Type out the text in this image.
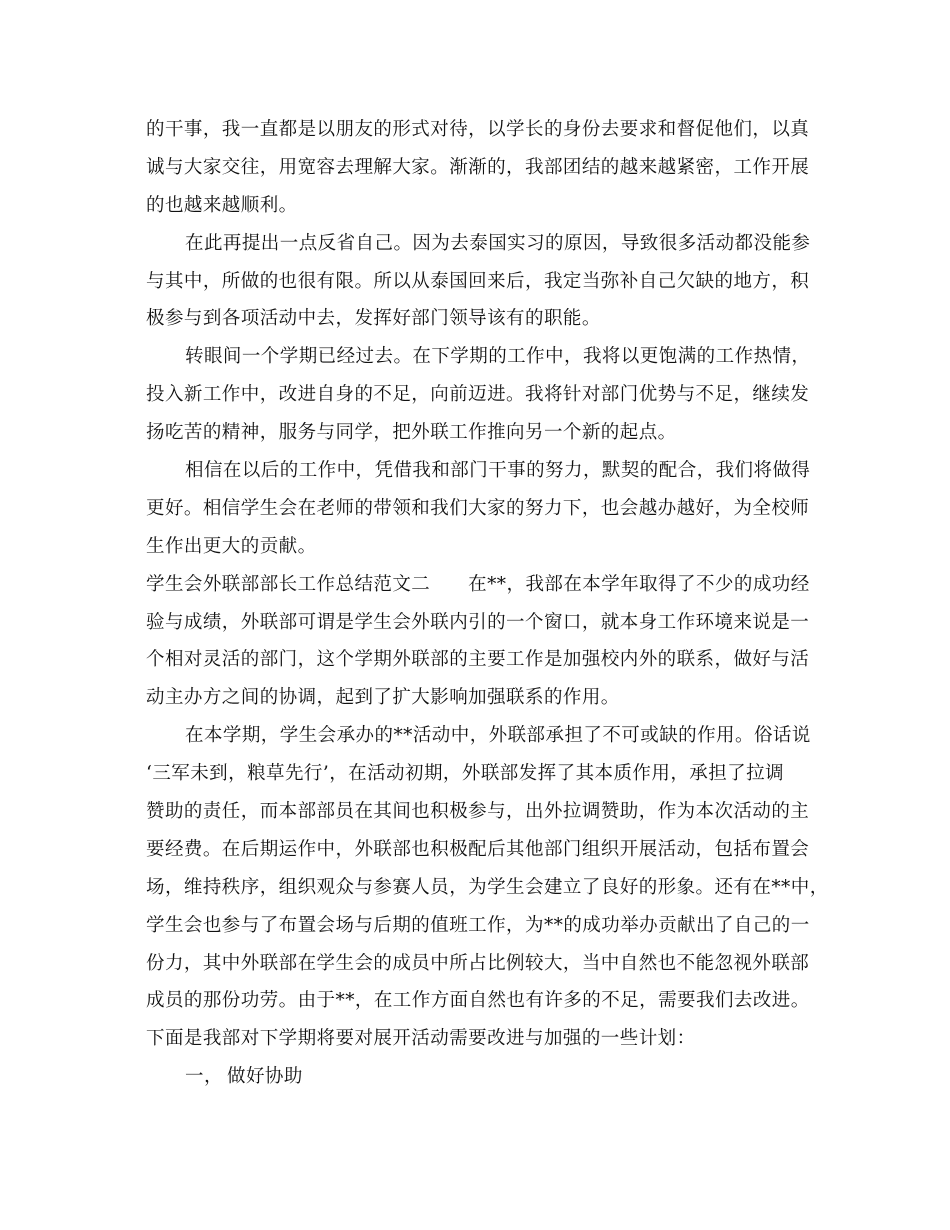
的干事，我一直都是以朋友的形式对待，以学长的身份去要求和督促他们，以真
诚与大家交往，用宽容去理解大家。渐渐的，我部团结的越来越紧密，工作开展
的也越来越顺利。
在此再提出一点反省自己。因为去泰国实习的原因，导致很多活动都没能参
与其中，所做的也很有限。所以从泰国回来后，我定当弥补自己欠缺的地方，积
极参与到各项活动中去，发挥好部门领导该有的职能。
转眼间一个学期已经过去。在下学期的工作中，我将以更饱满的工作热情，
投入新工作中，改进自身的不足，向前迈进。我将针对部门优势与不足，继续发
扬吃苦的精神，服务与同学，把外联工作推向另一个新的起点。
相信在以后的工作中，凭借我和部门干事的努力，默契的配合，我们将做得
更好。相信学生会在老师的带领和我们大家的努力下，也会越办越好，为全校师
生作出更大的贡献。
学生会外联部部长工作总结范文二　　在**，我部在本学年取得了不少的成功经
验与成绩，外联部可谓是学生会外联内引的一个窗口，就本身工作环境来说是一
个相对灵活的部门，这个学期外联部的主要工作是加强校内外的联系，做好与活
动主办方之间的协调，起到了扩大影响加强联系的作用。
在本学期，学生会承办的**活动中，外联部承担了不可或缺的作用。俗话说
‘三军未到，粮草先行’，在活动初期，外联部发挥了其本质作用，承担了拉调
赞助的责任，而本部部员在其间也积极参与，出外拉调赞助，作为本次活动的主
要经费。在后期运作中，外联部也积极配后其他部门组织开展活动，包括布置会
场，维持秩序，组织观众与参赛人员，为学生会建立了良好的形象。还有在**中，
学生会也参与了布置会场与后期的值班工作，为**的成功举办贡献出了自己的一
份力，其中外联部在学生会的成员中所占比例较大，当中自然也不能忽视外联部
成员的那份功劳。由于**，在工作方面自然也有许多的不足，需要我们去改进。
下面是我部对下学期将要对展开活动需要改进与加强的一些计划：
一， 做好协助
